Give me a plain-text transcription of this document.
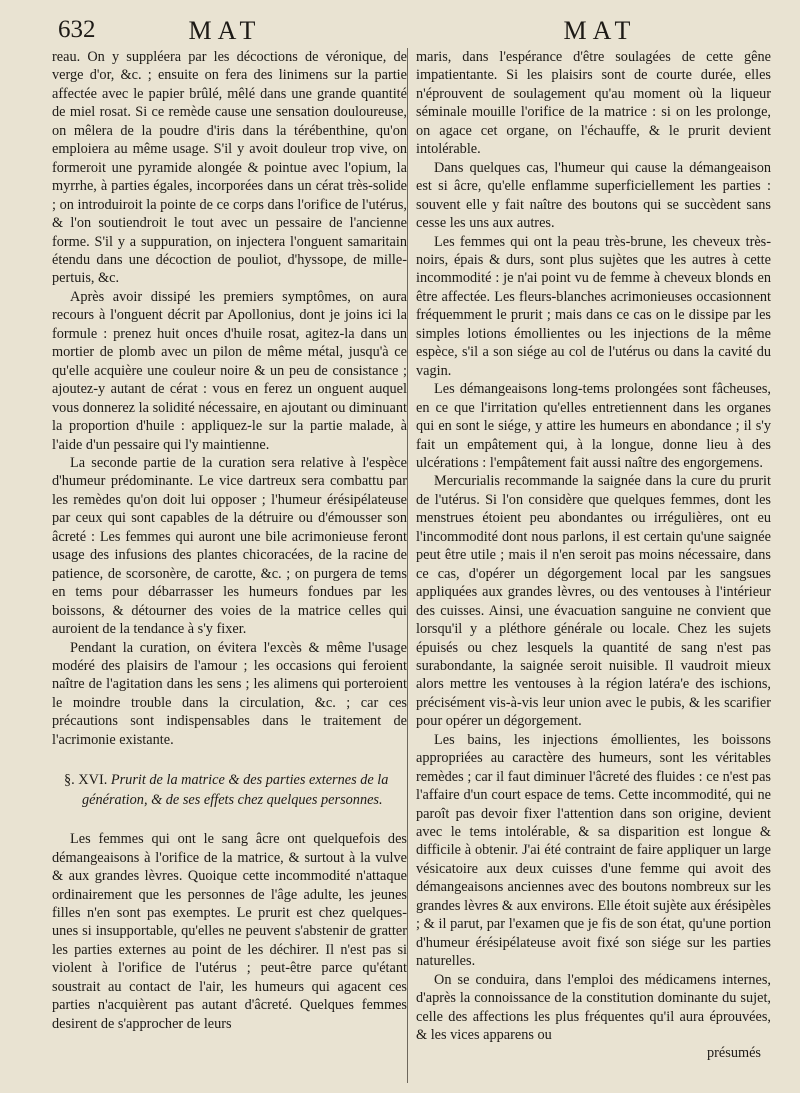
632	MAT	MAT

reau. On y suppléera par les décoctions de véronique, de verge d'or, &c. ; ensuite on fera des linimens sur la partie affectée avec le papier brûlé, mêlé dans une grande quantité de miel rosat. Si ce remède cause une sensation douloureuse, on mêlera de la poudre d'iris dans la térébenthine, qu'on emploiera au même usage. S'il y avoit douleur trop vive, on formeroit une pyramide alongée & pointue avec l'opium, la myrrhe, à parties égales, incorporées dans un cérat très-solide ; on introduiroit la pointe de ce corps dans l'orifice de l'utérus, & l'on soutiendroit le tout avec un pessaire de l'ancienne forme. S'il y a suppuration, on injectera l'onguent samaritain étendu dans une décoction de pouliot, d'hyssope, de mille-pertuis, &c.

Après avoir dissipé les premiers symptômes, on aura recours à l'onguent décrit par Apollonius, dont je joins ici la formule : prenez huit onces d'huile rosat, agitez-la dans un mortier de plomb avec un pilon de même métal, jusqu'à ce qu'elle acquière une couleur noire & un peu de consistance ; ajoutez-y autant de cérat : vous en ferez un onguent auquel vous donnerez la solidité nécessaire, en ajoutant ou diminuant la proportion d'huile : appliquez-le sur la partie malade, à l'aide d'un pessaire qui l'y maintienne.

La seconde partie de la curation sera relative à l'espèce d'humeur prédominante. Le vice dartreux sera combattu par les remèdes qu'on doit lui opposer ; l'humeur érésipélateuse par ceux qui sont capables de la détruire ou d'émousser son âcreté : Les femmes qui auront une bile acrimonieuse feront usage des infusions des plantes chicoracées, de la racine de patience, de scorsonère, de carotte, &c. ; on purgera de tems en tems pour débarrasser les humeurs fondues par les boissons, & détourner des voies de la matrice celles qui auroient de la tendance à s'y fixer.

Pendant la curation, on évitera l'excès & même l'usage modéré des plaisirs de l'amour ; les occasions qui feroient naître de l'agitation dans les sens ; les alimens qui porteroient le moindre trouble dans la circulation, &c. ; car ces précautions sont indispensables dans le traitement de l'acrimonie existante.

§. XVI. Prurit de la matrice & des parties externes de la génération, & de ses effets chez quelques personnes.

Les femmes qui ont le sang âcre ont quelquefois des démangeaisons à l'orifice de la matrice, & surtout à la vulve & aux grandes lèvres. Quoique cette incommodité n'attaque ordinairement que les personnes de l'âge adulte, les jeunes filles n'en sont pas exemptes. Le prurit est chez quelques-unes si insupportable, qu'elles ne peuvent s'abstenir de gratter les parties externes au point de les déchirer. Il n'est pas si violent à l'orifice de l'utérus ; peut-être parce qu'étant soustrait au contact de l'air, les humeurs qui agacent ces parties n'acquièrent pas autant d'âcreté. Quelques femmes desirent de s'approcher de leurs

maris, dans l'espérance d'être soulagées de cette gêne impatientante. Si les plaisirs sont de courte durée, elles n'éprouvent de soulagement qu'au moment où la liqueur séminale mouille l'orifice de la matrice : si on les prolonge, on agace cet organe, on l'échauffe, & le prurit devient intolérable.

Dans quelques cas, l'humeur qui cause la démangeaison est si âcre, qu'elle enflamme superficiellement les parties : souvent elle y fait naître des boutons qui se succèdent sans cesse les uns aux autres.

Les femmes qui ont la peau très-brune, les cheveux très-noirs, épais & durs, sont plus sujètes que les autres à cette incommodité : je n'ai point vu de femme à cheveux blonds en être affectée. Les fleurs-blanches acrimonieuses occasionnent fréquemment le prurit ; mais dans ce cas on le dissipe par les simples lotions émollientes ou les injections de la même espèce, s'il a son siége au col de l'utérus ou dans la cavité du vagin.

Les démangeaisons long-tems prolongées sont fâcheuses, en ce que l'irritation qu'elles entretiennent dans les organes qui en sont le siége, y attire les humeurs en abondance ; il s'y fait un empâtement qui, à la longue, donne lieu à des ulcérations : l'empâtement fait aussi naître des engorgemens.

Mercurialis recommande la saignée dans la cure du prurit de l'utérus. Si l'on considère que quelques femmes, dont les menstrues étoient peu abondantes ou irrégulières, ont eu l'incommodité dont nous parlons, il est certain qu'une saignée peut être utile ; mais il n'en seroit pas moins nécessaire, dans ce cas, d'opérer un dégorgement local par les sangsues appliquées aux grandes lèvres, ou des ventouses à l'intérieur des cuisses. Ainsi, une évacuation sanguine ne convient que lorsqu'il y a pléthore générale ou locale. Chez les sujets épuisés ou chez lesquels la quantité de sang n'est pas surabondante, la saignée seroit nuisible. Il vaudroit mieux alors mettre les ventouses à la région latéra'e des ischions, précisément vis-à-vis leur union avec le pubis, & les scarifier pour opérer un dégorgement.

Les bains, les injections émollientes, les boissons appropriées au caractère des humeurs, sont les véritables remèdes ; car il faut diminuer l'âcreté des fluides : ce n'est pas l'affaire d'un court espace de tems. Cette incommodité, qui ne paroît pas devoir fixer l'attention dans son origine, devient avec le tems intolérable, & sa disparition est longue & difficile à obtenir. J'ai été contraint de faire appliquer un large vésicatoire aux deux cuisses d'une femme qui avoit des démangeaisons anciennes avec des boutons nombreux sur les grandes lèvres & aux environs. Elle étoit sujète aux érésipèles ; & il parut, par l'examen que je fis de son état, qu'une portion d'humeur érésipélateuse avoit fixé son siége sur les parties naturelles.

On se conduira, dans l'emploi des médicamens internes, d'après la connoissance de la constitution dominante du sujet, celle des affections les plus fréquentes qu'il aura éprouvées, & les vices apparens ou

présumés
